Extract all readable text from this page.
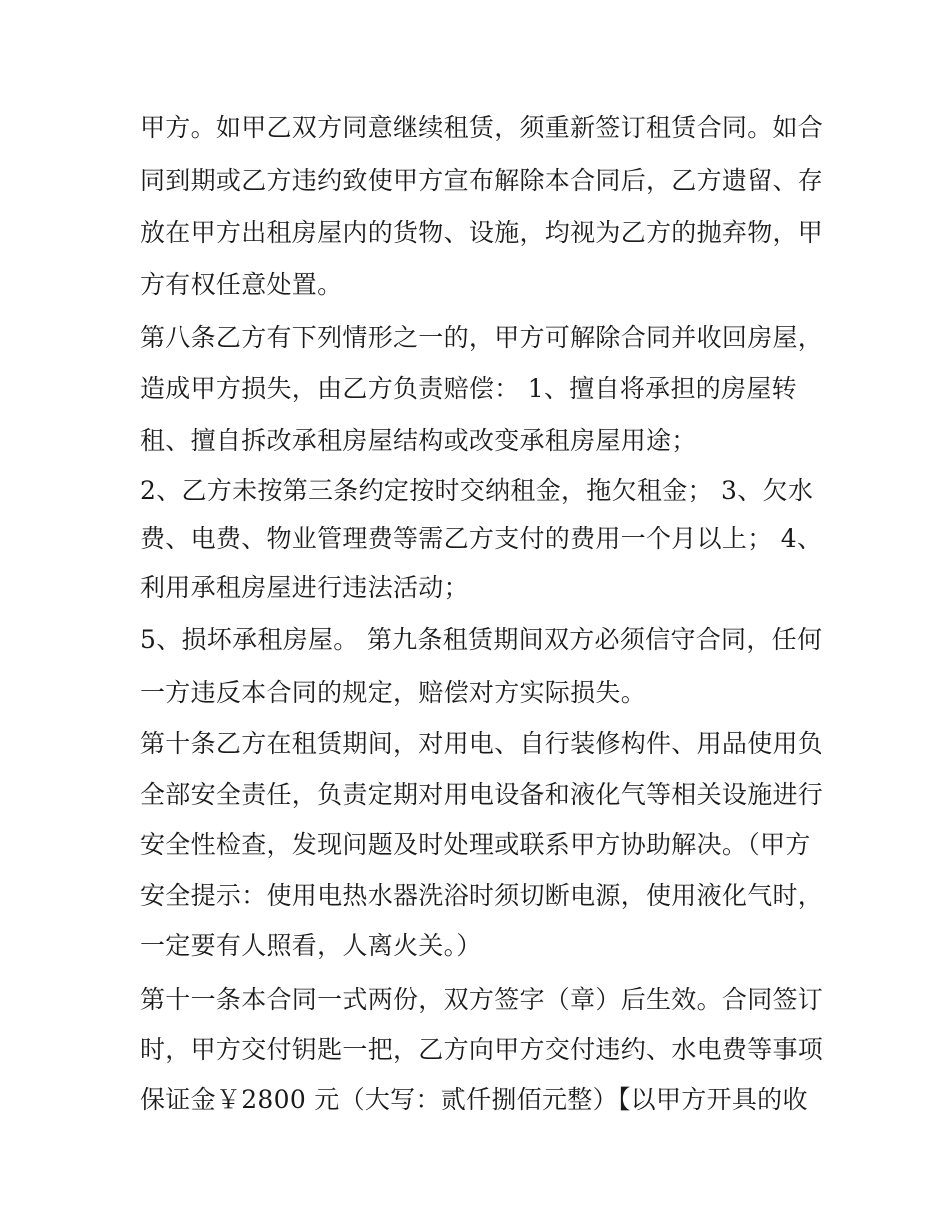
甲方。如甲乙双方同意继续租赁，须重新签订租赁合同。如合
同到期或乙方违约致使甲方宣布解除本合同后，乙方遗留、存
放在甲方出租房屋内的货物、设施，均视为乙方的抛弃物，甲
方有权任意处置。
第八条乙方有下列情形之一的，甲方可解除合同并收回房屋，
造成甲方损失，由乙方负责赔偿： 1、擅自将承担的房屋转
租、擅自拆改承租房屋结构或改变承租房屋用途；
2、乙方未按第三条约定按时交纳租金，拖欠租金； 3、欠水
费、电费、物业管理费等需乙方支付的费用一个月以上； 4、
利用承租房屋进行违法活动；
5、损坏承租房屋。 第九条租赁期间双方必须信守合同，任何
一方违反本合同的规定，赔偿对方实际损失。
第十条乙方在租赁期间，对用电、自行装修构件、用品使用负
全部安全责任，负责定期对用电设备和液化气等相关设施进行
安全性检查，发现问题及时处理或联系甲方协助解决。（甲方
安全提示：使用电热水器洗浴时须切断电源，使用液化气时，
一定要有人照看，人离火关。）
第十一条本合同一式两份，双方签字（章）后生效。合同签订
时，甲方交付钥匙一把，乙方向甲方交付违约、水电费等事项
保证金￥2800 元（大写：贰仟捌佰元整）【以甲方开具的收
